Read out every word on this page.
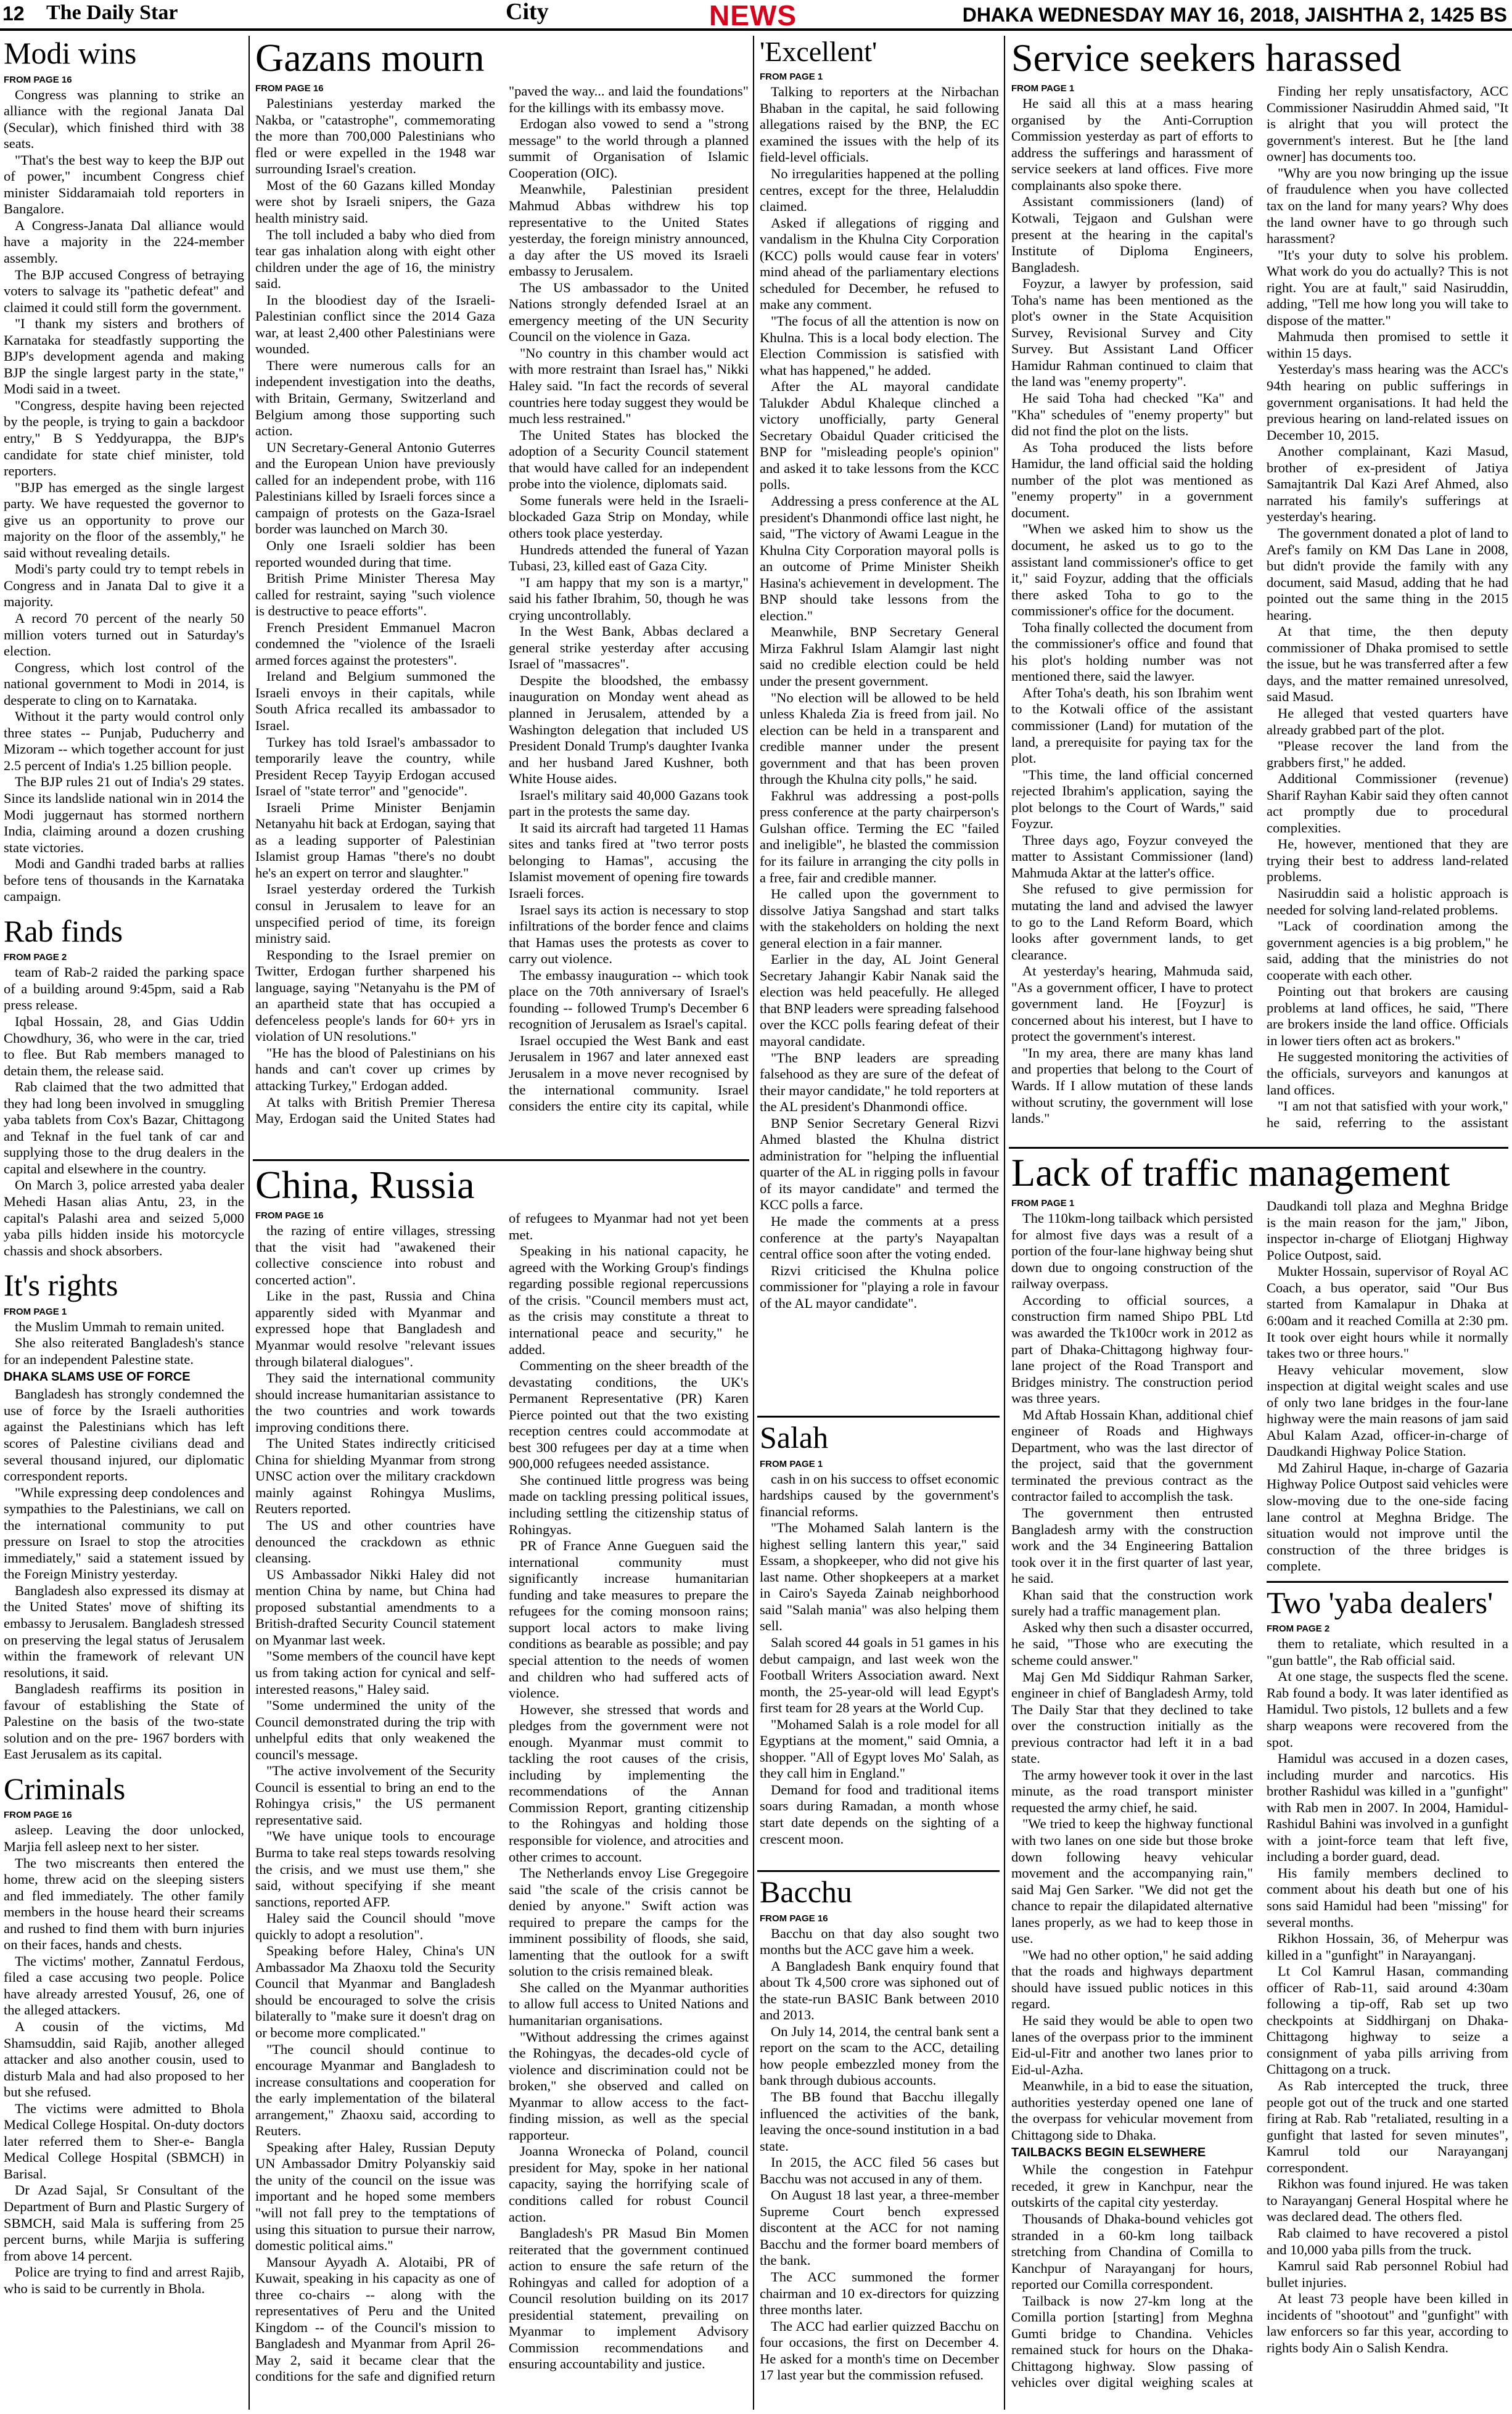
12 The Daily Star	City	NEWS	DHAKA WEDNESDAY MAY 16, 2018, JAISHTHA 2, 1425 BS
Modi wins
FROM PAGE 16

Congress was planning to strike an alliance with the regional Janata Dal (Secular), which finished third with 38 seats.

"That's the best way to keep the BJP out of power," incumbent Congress chief minister Siddaramaiah told reporters in Bangalore.

A Congress-Janata Dal alliance would have a majority in the 224-member assembly.

The BJP accused Congress of betraying voters to salvage its "pathetic defeat" and claimed it could still form the government.

"I thank my sisters and brothers of Karnataka for steadfastly supporting the BJP's development agenda and making BJP the single largest party in the state," Modi said in a tweet.

"Congress, despite having been rejected by the people, is trying to gain a backdoor entry," B S Yeddyurappa, the BJP's candidate for state chief minister, told reporters.

"BJP has emerged as the single largest party. We have requested the governor to give us an opportunity to prove our majority on the floor of the assembly," he said without revealing details.

Modi's party could try to tempt rebels in Congress and in Janata Dal to give it a majority.

A record 70 percent of the nearly 50 million voters turned out in Saturday's election.

Congress, which lost control of the national government to Modi in 2014, is desperate to cling on to Karnataka.

Without it the party would control only three states -- Punjab, Puducherry and Mizoram -- which together account for just 2.5 percent of India's 1.25 billion people.

The BJP rules 21 out of India's 29 states. Since its landslide national win in 2014 the Modi juggernaut has stormed northern India, claiming around a dozen crushing state victories.

Modi and Gandhi traded barbs at rallies before tens of thousands in the Karnataka campaign.

Rab finds
FROM PAGE 2

team of Rab-2 raided the parking space of a building around 9:45pm, said a Rab press release.

Iqbal Hossain, 28, and Gias Uddin Chowdhury, 36, who were in the car, tried to flee. But Rab members managed to detain them, the release said.

Rab claimed that the two admitted that they had long been involved in smuggling yaba tablets from Cox's Bazar, Chittagong and Teknaf in the fuel tank of car and supplying those to the drug dealers in the capital and elsewhere in the country.

On March 3, police arrested yaba dealer Mehedi Hasan alias Antu, 23, in the capital's Palashi area and seized 5,000 yaba pills hidden inside his motorcycle chassis and shock absorbers.

It's rights
FROM PAGE 1

the Muslim Ummah to remain united.

She also reiterated Bangladesh's stance for an independent Palestine state.

DHAKA SLAMS USE OF FORCE

Bangladesh has strongly condemned the use of force by the Israeli authorities against the Palestinians which has left scores of Palestine civilians dead and several thousand injured, our diplomatic correspondent reports.

"While expressing deep condolences and sympathies to the Palestinians, we call on the international community to put pressure on Israel to stop the atrocities immediately," said a statement issued by the Foreign Ministry yesterday.

Bangladesh also expressed its dismay at the United States' move of shifting its embassy to Jerusalem. Bangladesh stressed on preserving the legal status of Jerusalem within the framework of relevant UN resolutions, it said.

Bangladesh reaffirms its position in favour of establishing the State of Palestine on the basis of the two-state solution and on the pre- 1967 borders with East Jerusalem as its capital.

Criminals
FROM PAGE 16

asleep. Leaving the door unlocked, Marjia fell asleep next to her sister.

The two miscreants then entered the home, threw acid on the sleeping sisters and fled immediately. The other family members in the house heard their screams and rushed to find them with burn injuries on their faces, hands and chests.

The victims' mother, Zannatul Ferdous, filed a case accusing two people. Police have already arrested Yousuf, 26, one of the alleged attackers.

A cousin of the victims, Md Shamsuddin, said Rajib, another alleged attacker and also another cousin, used to disturb Mala and had also proposed to her but she refused.

The victims were admitted to Bhola Medical College Hospital. On-duty doctors later referred them to Sher-e- Bangla Medical College Hospital (SBMCH) in Barisal.

Dr Azad Sajal, Sr Consultant of the Department of Burn and Plastic Surgery of SBMCH, said Mala is suffering from 25 percent burns, while Marjia is suffering from above 14 percent.

Police are trying to find and arrest Rajib, who is said to be currently in Bhola.

Gazans mourn
FROM PAGE 16

Palestinians yesterday marked the Nakba, or "catastrophe", commemorating the more than 700,000 Palestinians who fled or were expelled in the 1948 war surrounding Israel's creation.

Most of the 60 Gazans killed Monday were shot by Israeli snipers, the Gaza health ministry said.

The toll included a baby who died from tear gas inhalation along with eight other children under the age of 16, the ministry said.

In the bloodiest day of the Israeli-Palestinian conflict since the 2014 Gaza war, at least 2,400 other Palestinians were wounded.

There were numerous calls for an independent investigation into the deaths, with Britain, Germany, Switzerland and Belgium among those supporting such action.

UN Secretary-General Antonio Guterres and the European Union have previously called for an independent probe, with 116 Palestinians killed by Israeli forces since a campaign of protests on the Gaza-Israel border was launched on March 30.

Only one Israeli soldier has been reported wounded during that time.

British Prime Minister Theresa May called for restraint, saying "such violence is destructive to peace efforts".

French President Emmanuel Macron condemned the "violence of the Israeli armed forces against the protesters".

Ireland and Belgium summoned the Israeli envoys in their capitals, while South Africa recalled its ambassador to Israel.

Turkey has told Israel's ambassador to temporarily leave the country, while President Recep Tayyip Erdogan accused Israel of "state terror" and "genocide".

Israeli Prime Minister Benjamin Netanyahu hit back at Erdogan, saying that as a leading supporter of Palestinian Islamist group Hamas "there's no doubt he's an expert on terror and slaughter."

Israel yesterday ordered the Turkish consul in Jerusalem to leave for an unspecified period of time, its foreign ministry said.

Responding to the Israel premier on Twitter, Erdogan further sharpened his language, saying "Netanyahu is the PM of an apartheid state that has occupied a defenceless people's lands for 60+ yrs in violation of UN resolutions."

"He has the blood of Palestinians on his hands and can't cover up crimes by attacking Turkey," Erdogan added.

At talks with British Premier Theresa May, Erdogan said the United States had "paved the way... and laid the foundations" for the killings with its embassy move.

Erdogan also vowed to send a "strong message" to the world through a planned summit of Organisation of Islamic Cooperation (OIC).

Meanwhile, Palestinian president Mahmud Abbas withdrew his top representative to the United States yesterday, the foreign ministry announced, a day after the US moved its Israeli embassy to Jerusalem.

The US ambassador to the United Nations strongly defended Israel at an emergency meeting of the UN Security Council on the violence in Gaza.

"No country in this chamber would act with more restraint than Israel has," Nikki Haley said. "In fact the records of several countries here today suggest they would be much less restrained."

The United States has blocked the adoption of a Security Council statement that would have called for an independent probe into the violence, diplomats said.

Some funerals were held in the Israeli-blockaded Gaza Strip on Monday, while others took place yesterday.

Hundreds attended the funeral of Yazan Tubasi, 23, killed east of Gaza City.

"I am happy that my son is a martyr," said his father Ibrahim, 50, though he was crying uncontrollably.

In the West Bank, Abbas declared a general strike yesterday after accusing Israel of "massacres".

Despite the bloodshed, the embassy inauguration on Monday went ahead as planned in Jerusalem, attended by a Washington delegation that included US President Donald Trump's daughter Ivanka and her husband Jared Kushner, both White House aides.

Israel's military said 40,000 Gazans took part in the protests the same day.

It said its aircraft had targeted 11 Hamas sites and tanks fired at "two terror posts belonging to Hamas", accusing the Islamist movement of opening fire towards Israeli forces.

Israel says its action is necessary to stop infiltrations of the border fence and claims that Hamas uses the protests as cover to carry out violence.

The embassy inauguration -- which took place on the 70th anniversary of Israel's founding -- followed Trump's December 6 recognition of Jerusalem as Israel's capital.

Israel occupied the West Bank and east Jerusalem in 1967 and later annexed east Jerusalem in a move never recognised by the international community. Israel considers the entire city its capital, while

China, Russia
FROM PAGE 16

the razing of entire villages, stressing that the visit had "awakened their collective conscience into robust and concerted action".

Like in the past, Russia and China apparently sided with Myanmar and expressed hope that Bangladesh and Myanmar would resolve "relevant issues through bilateral dialogues".

They said the international community should increase humanitarian assistance to the two countries and work towards improving conditions there.

The United States indirectly criticised China for shielding Myanmar from strong UNSC action over the military crackdown mainly against Rohingya Muslims, Reuters reported.

The US and other countries have denounced the crackdown as ethnic cleansing.

US Ambassador Nikki Haley did not mention China by name, but China had proposed substantial amendments to a British-drafted Security Council statement on Myanmar last week.

"Some members of the council have kept us from taking action for cynical and self-interested reasons," Haley said.

"Some undermined the unity of the Council demonstrated during the trip with unhelpful edits that only weakened the council's message.

"The active involvement of the Security Council is essential to bring an end to the Rohingya crisis," the US permanent representative said.

"We have unique tools to encourage Burma to take real steps towards resolving the crisis, and we must use them," she said, without specifying if she meant sanctions, reported AFP.

Haley said the Council should "move quickly to adopt a resolution".

Speaking before Haley, China's UN Ambassador Ma Zhaoxu told the Security Council that Myanmar and Bangladesh should be encouraged to solve the crisis bilaterally to "make sure it doesn't drag on or become more complicated."

"The council should continue to encourage Myanmar and Bangladesh to increase consultations and cooperation for the early implementation of the bilateral arrangement," Zhaoxu said, according to Reuters.

Speaking after Haley, Russian Deputy UN Ambassador Dmitry Polyanskiy said the unity of the council on the issue was important and he hoped some members "will not fall prey to the temptations of using this situation to pursue their narrow, domestic political aims."

Mansour Ayyadh A. Alotaibi, PR of Kuwait, speaking in his capacity as one of three co-chairs -- along with the representatives of Peru and the United Kingdom -- of the Council's mission to Bangladesh and Myanmar from April 26-May 2, said it became clear that the conditions for the safe and dignified return of refugees to Myanmar had not yet been met.

Speaking in his national capacity, he agreed with the Working Group's findings regarding possible regional repercussions of the crisis. "Council members must act, as the crisis may constitute a threat to international peace and security," he added.

Commenting on the sheer breadth of the devastating conditions, the UK's Permanent Representative (PR) Karen Pierce pointed out that the two existing reception centres could accommodate at best 300 refugees per day at a time when 900,000 refugees needed assistance.

She continued little progress was being made on tackling pressing political issues, including settling the citizenship status of Rohingyas.

PR of France Anne Gueguen said the international community must significantly increase humanitarian funding and take measures to prepare the refugees for the coming monsoon rains; support local actors to make living conditions as bearable as possible; and pay special attention to the needs of women and children who had suffered acts of violence.

However, she stressed that words and pledges from the government were not enough. Myanmar must commit to tackling the root causes of the crisis, including by implementing the recommendations of the Annan Commission Report, granting citizenship to the Rohingyas and holding those responsible for violence, and atrocities and other crimes to account.

The Netherlands envoy Lise Gregegoire said "the scale of the crisis cannot be denied by anyone." Swift action was required to prepare the camps for the imminent possibility of floods, she said, lamenting that the outlook for a swift solution to the crisis remained bleak.

She called on the Myanmar authorities to allow full access to United Nations and humanitarian organisations.

"Without addressing the crimes against the Rohingyas, the decades-old cycle of violence and discrimination could not be broken," she observed and called on Myanmar to allow access to the fact-finding mission, as well as the special rapporteur.

Joanna Wronecka of Poland, council president for May, spoke in her national capacity, saying the horrifying scale of conditions called for robust Council action.

Bangladesh's PR Masud Bin Momen reiterated that the government continued action to ensure the safe return of the Rohingyas and called for adoption of a Council resolution building on its 2017 presidential statement, prevailing on Myanmar to implement Advisory Commission recommendations and ensuring accountability and justice.

'Excellent'
FROM PAGE 1

Talking to reporters at the Nirbachan Bhaban in the capital, he said following allegations raised by the BNP, the EC examined the issues with the help of its field-level officials.

No irregularities happened at the polling centres, except for the three, Helaluddin claimed.

Asked if allegations of rigging and vandalism in the Khulna City Corporation (KCC) polls would cause fear in voters' mind ahead of the parliamentary elections scheduled for December, he refused to make any comment.

"The focus of all the attention is now on Khulna. This is a local body election. The Election Commission is satisfied with what has happened," he added.

After the AL mayoral candidate Talukder Abdul Khaleque clinched a victory unofficially, party General Secretary Obaidul Quader criticised the BNP for "misleading people's opinion" and asked it to take lessons from the KCC polls.

Addressing a press conference at the AL president's Dhanmondi office last night, he said, "The victory of Awami League in the Khulna City Corporation mayoral polls is an outcome of Prime Minister Sheikh Hasina's achievement in development. The BNP should take lessons from the election."

Meanwhile, BNP Secretary General Mirza Fakhrul Islam Alamgir last night said no credible election could be held under the present government.

"No election will be allowed to be held unless Khaleda Zia is freed from jail. No election can be held in a transparent and credible manner under the present government and that has been proven through the Khulna city polls," he said.

Fakhrul was addressing a post-polls press conference at the party chairperson's Gulshan office. Terming the EC "failed and ineligible", he blasted the commission for its failure in arranging the city polls in a free, fair and credible manner.

He called upon the government to dissolve Jatiya Sangshad and start talks with the stakeholders on holding the next general election in a fair manner.

Earlier in the day, AL Joint General Secretary Jahangir Kabir Nanak said the election was held peacefully. He alleged that BNP leaders were spreading falsehood over the KCC polls fearing defeat of their mayoral candidate.

"The BNP leaders are spreading falsehood as they are sure of the defeat of their mayor candidate," he told reporters at the AL president's Dhanmondi office.

BNP Senior Secretary General Rizvi Ahmed blasted the Khulna district administration for "helping the influential quarter of the AL in rigging polls in favour of its mayor candidate" and termed the KCC polls a farce.

He made the comments at a press conference at the party's Nayapaltan central office soon after the voting ended.

Rizvi criticised the Khulna police commissioner for "playing a role in favour of the AL mayor candidate".

Salah
FROM PAGE 1

cash in on his success to offset economic hardships caused by the government's financial reforms.

"The Mohamed Salah lantern is the highest selling lantern this year," said Essam, a shopkeeper, who did not give his last name. Other shopkeepers at a market in Cairo's Sayeda Zainab neighborhood said "Salah mania" was also helping them sell.

Salah scored 44 goals in 51 games in his debut campaign, and last week won the Football Writers Association award. Next month, the 25-year-old will lead Egypt's first team for 28 years at the World Cup.

"Mohamed Salah is a role model for all Egyptians at the moment," said Omnia, a shopper. "All of Egypt loves Mo' Salah, as they call him in England."

Demand for food and traditional items soars during Ramadan, a month whose start date depends on the sighting of a crescent moon.

Bacchu
FROM PAGE 16

Bacchu on that day also sought two months but the ACC gave him a week.

A Bangladesh Bank enquiry found that about Tk 4,500 crore was siphoned out of the state-run BASIC Bank between 2010 and 2013.

On July 14, 2014, the central bank sent a report on the scam to the ACC, detailing how people embezzled money from the bank through dubious accounts.

The BB found that Bacchu illegally influenced the activities of the bank, leaving the once-sound institution in a bad state.

In 2015, the ACC filed 56 cases but Bacchu was not accused in any of them.

On August 18 last year, a three-member Supreme Court bench expressed discontent at the ACC for not naming Bacchu and the former board members of the bank.

The ACC summoned the former chairman and 10 ex-directors for quizzing three months later.

The ACC had earlier quizzed Bacchu on four occasions, the first on December 4. He asked for a month's time on December 17 last year but the commission refused.

Service seekers harassed
FROM PAGE 1

He said all this at a mass hearing organised by the Anti-Corruption Commission yesterday as part of efforts to address the sufferings and harassment of service seekers at land offices. Five more complainants also spoke there.

Assistant commissioners (land) of Kotwali, Tejgaon and Gulshan were present at the hearing in the capital's Institute of Diploma Engineers, Bangladesh.

Foyzur, a lawyer by profession, said Toha's name has been mentioned as the plot's owner in the State Acquisition Survey, Revisional Survey and City Survey. But Assistant Land Officer Hamidur Rahman continued to claim that the land was "enemy property".

He said Toha had checked "Ka" and "Kha" schedules of "enemy property" but did not find the plot on the lists.

As Toha produced the lists before Hamidur, the land official said the holding number of the plot was mentioned as "enemy property" in a government document.

"When we asked him to show us the document, he asked us to go to the assistant land commissioner's office to get it," said Foyzur, adding that the officials there asked Toha to go to the commissioner's office for the document.

Toha finally collected the document from the commissioner's office and found that his plot's holding number was not mentioned there, said the lawyer.

After Toha's death, his son Ibrahim went to the Kotwali office of the assistant commissioner (Land) for mutation of the land, a prerequisite for paying tax for the plot.

"This time, the land official concerned rejected Ibrahim's application, saying the plot belongs to the Court of Wards," said Foyzur.

Three days ago, Foyzur conveyed the matter to Assistant Commissioner (land) Mahmuda Aktar at the latter's office.

She refused to give permission for mutating the land and advised the lawyer to go to the Land Reform Board, which looks after government lands, to get clearance.

At yesterday's hearing, Mahmuda said, "As a government officer, I have to protect government land. He [Foyzur] is concerned about his interest, but I have to protect the government's interest.

"In my area, there are many khas land and properties that belong to the Court of Wards. If I allow mutation of these lands without scrutiny, the government will lose lands."

Finding her reply unsatisfactory, ACC Commissioner Nasiruddin Ahmed said, "It is alright that you will protect the government's interest. But he [the land owner] has documents too.

"Why are you now bringing up the issue of fraudulence when you have collected tax on the land for many years? Why does the land owner have to go through such harassment?

"It's your duty to solve his problem. What work do you do actually? This is not right. You are at fault," said Nasiruddin, adding, "Tell me how long you will take to dispose of the matter."

Mahmuda then promised to settle it within 15 days.

Yesterday's mass hearing was the ACC's 94th hearing on public sufferings in government organisations. It had held the previous hearing on land-related issues on December 10, 2015.

Another complainant, Kazi Masud, brother of ex-president of Jatiya Samajtantrik Dal Kazi Aref Ahmed, also narrated his family's sufferings at yesterday's hearing.

The government donated a plot of land to Aref's family on KM Das Lane in 2008, but didn't provide the family with any document, said Masud, adding that he had pointed out the same thing in the 2015 hearing.

At that time, the then deputy commissioner of Dhaka promised to settle the issue, but he was transferred after a few days, and the matter remained unresolved, said Masud.

He alleged that vested quarters have already grabbed part of the plot.

"Please recover the land from the grabbers first," he added.

Additional Commissioner (revenue) Sharif Rayhan Kabir said they often cannot act promptly due to procedural complexities.

He, however, mentioned that they are trying their best to address land-related problems.

Nasiruddin said a holistic approach is needed for solving land-related problems.

"Lack of coordination among the government agencies is a big problem," he said, adding that the ministries do not cooperate with each other.

Pointing out that brokers are causing problems at land offices, he said, "There are brokers inside the land office. Officials in lower tiers often act as brokers."

He suggested monitoring the activities of the officials, surveyors and kanungos at land offices.

"I am not that satisfied with your work," he said, referring to the assistant

Lack of traffic management
FROM PAGE 1

The 110km-long tailback which persisted for almost five days was a result of a portion of the four-lane highway being shut down due to ongoing construction of the railway overpass.

According to official sources, a construction firm named Shipo PBL Ltd was awarded the Tk100cr work in 2012 as part of Dhaka-Chittagong highway four-lane project of the Road Transport and Bridges ministry. The construction period was three years.

Md Aftab Hossain Khan, additional chief engineer of Roads and Highways Department, who was the last director of the project, said that the government terminated the previous contract as the contractor failed to accomplish the task.

The government then entrusted Bangladesh army with the construction work and the 34 Engineering Battalion took over it in the first quarter of last year, he said.

Khan said that the construction work surely had a traffic management plan.

Asked why then such a disaster occurred, he said, "Those who are executing the scheme could answer."

Maj Gen Md Siddiqur Rahman Sarker, engineer in chief of Bangladesh Army, told The Daily Star that they declined to take over the construction initially as the previous contractor had left it in a bad state.

The army however took it over in the last minute, as the road transport minister requested the army chief, he said.

"We tried to keep the highway functional with two lanes on one side but those broke down following heavy vehicular movement and the accompanying rain," said Maj Gen Sarker. "We did not get the chance to repair the dilapidated alternative lanes properly, as we had to keep those in use.

"We had no other option," he said adding that the roads and highways department should have issued public notices in this regard.

He said they would be able to open two lanes of the overpass prior to the imminent Eid-ul-Fitr and another two lanes prior to Eid-ul-Azha.

Meanwhile, in a bid to ease the situation, authorities yesterday opened one lane of the overpass for vehicular movement from Chittagong side to Dhaka.

TAILBACKS BEGIN ELSEWHERE

While the congestion in Fatehpur receded, it grew in Kanchpur, near the outskirts of the capital city yesterday.

Thousands of Dhaka-bound vehicles got stranded in a 60-km long tailback stretching from Chandina of Comilla to Kanchpur of Narayanganj for hours, reported our Comilla correspondent.

Tailback is now 27-km long at the Comilla portion [starting] from Meghna Gumti bridge to Chandina. Vehicles remained stuck for hours on the Dhaka-Chittagong highway. Slow passing of vehicles over digital weighing scales at Daudkandi toll plaza and Meghna Bridge is the main reason for the jam," Jibon, inspector in-charge of Eliotganj Highway Police Outpost, said.

Mukter Hossain, supervisor of Royal AC Coach, a bus operator, said "Our Bus started from Kamalapur in Dhaka at 6:00am and it reached Comilla at 2:30 pm. It took over eight hours while it normally takes two or three hours."

Heavy vehicular movement, slow inspection at digital weight scales and use of only two lane bridges in the four-lane highway were the main reasons of jam said Abul Kalam Azad, officer-in-charge of Daudkandi Highway Police Station.

Md Zahirul Haque, in-charge of Gazaria Highway Police Outpost said vehicles were slow-moving due to the one-side facing lane control at Meghna Bridge. The situation would not improve until the construction of the three bridges is complete.

Two 'yaba dealers'
FROM PAGE 2

them to retaliate, which resulted in a "gun battle", the Rab official said.

At one stage, the suspects fled the scene. Rab found a body. It was later identified as Hamidul. Two pistols, 12 bullets and a few sharp weapons were recovered from the spot.

Hamidul was accused in a dozen cases, including murder and narcotics. His brother Rashidul was killed in a "gunfight" with Rab men in 2007. In 2004, Hamidul-Rashidul Bahini was involved in a gunfight with a joint-force team that left five, including a border guard, dead.

His family members declined to comment about his death but one of his sons said Hamidul had been "missing" for several months.

Rikhon Hossain, 36, of Meherpur was killed in a "gunfight" in Narayanganj.

Lt Col Kamrul Hasan, commanding officer of Rab-11, said around 4:30am following a tip-off, Rab set up two checkpoints at Siddhirganj on Dhaka-Chittagong highway to seize a consignment of yaba pills arriving from Chittagong on a truck.

As Rab intercepted the truck, three people got out of the truck and one started firing at Rab. Rab "retaliated, resulting in a gunfight that lasted for seven minutes", Kamrul told our Narayanganj correspondent.

Rikhon was found injured. He was taken to Narayanganj General Hospital where he was declared dead. The others fled.

Rab claimed to have recovered a pistol and 10,000 yaba pills from the truck.

Kamrul said Rab personnel Robiul had bullet injuries.

At least 73 people have been killed in incidents of "shootout" and "gunfight" with law enforcers so far this year, according to rights body Ain o Salish Kendra.
